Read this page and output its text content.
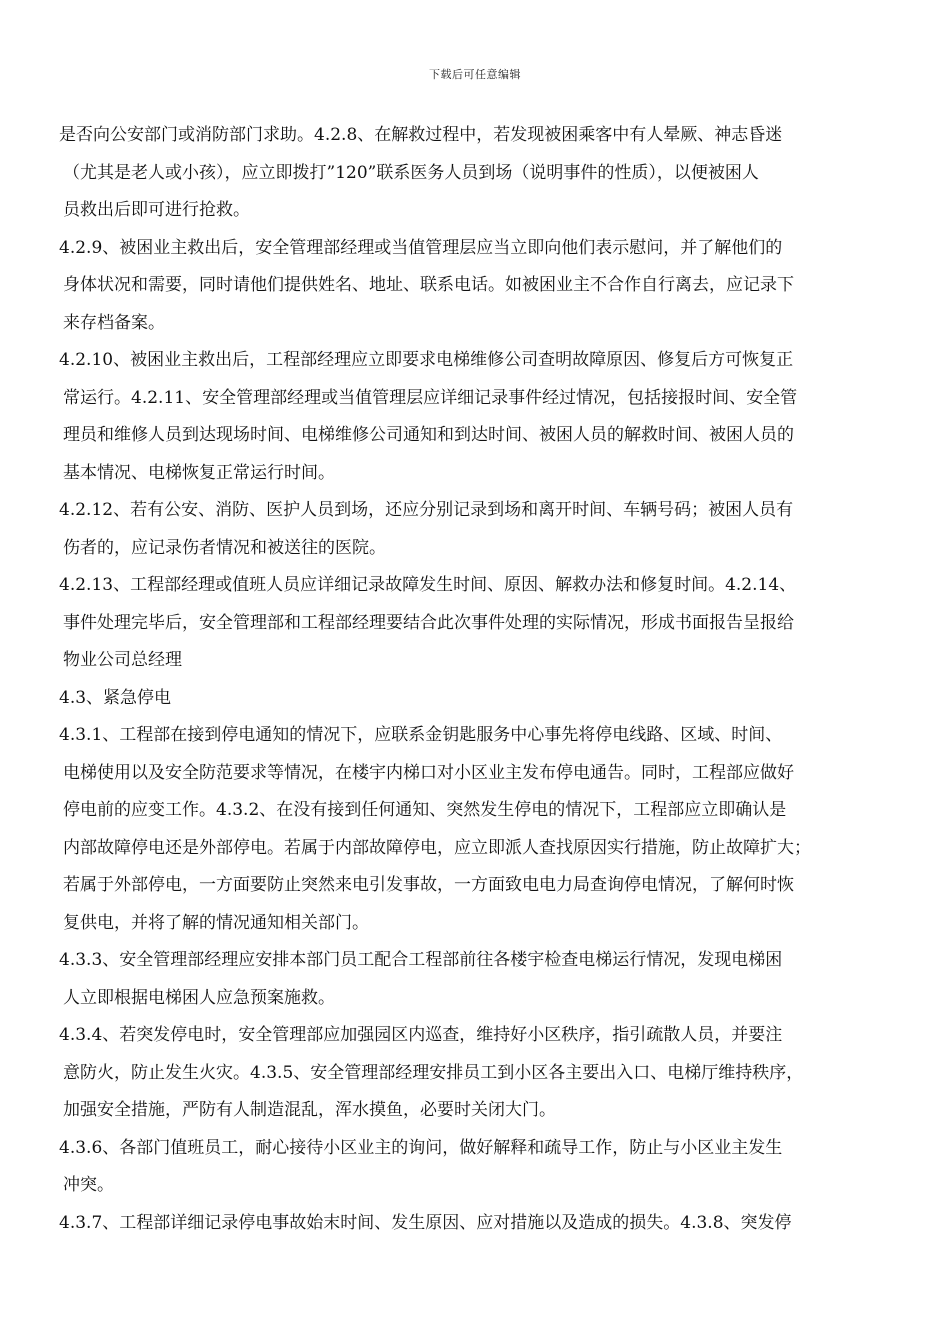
下载后可任意编辑
是否向公安部门或消防部门求助。4.2.8、在解救过程中，若发现被困乘客中有人晕厥、神志昏迷
（尤其是老人或小孩），应立即拨打”120”联系医务人员到场（说明事件的性质），以便被困人
员救出后即可进行抢救。
4.2.9、被困业主救出后，安全管理部经理或当值管理层应当立即向他们表示慰问，并了解他们的
身体状况和需要，同时请他们提供姓名、地址、联系电话。如被困业主不合作自行离去，应记录下
来存档备案。
4.2.10、被困业主救出后，工程部经理应立即要求电梯维修公司查明故障原因、修复后方可恢复正
常运行。4.2.11、安全管理部经理或当值管理层应详细记录事件经过情况，包括接报时间、安全管
理员和维修人员到达现场时间、电梯维修公司通知和到达时间、被困人员的解救时间、被困人员的
基本情况、电梯恢复正常运行时间。
4.2.12、若有公安、消防、医护人员到场，还应分别记录到场和离开时间、车辆号码；被困人员有
伤者的，应记录伤者情况和被送往的医院。
4.2.13、工程部经理或值班人员应详细记录故障发生时间、原因、解救办法和修复时间。4.2.14、
事件处理完毕后，安全管理部和工程部经理要结合此次事件处理的实际情况，形成书面报告呈报给
物业公司总经理
4.3、紧急停电
4.3.1、工程部在接到停电通知的情况下，应联系金钥匙服务中心事先将停电线路、区域、时间、
电梯使用以及安全防范要求等情况，在楼宇内梯口对小区业主发布停电通告。同时，工程部应做好
停电前的应变工作。4.3.2、在没有接到任何通知、突然发生停电的情况下，工程部应立即确认是
内部故障停电还是外部停电。若属于内部故障停电，应立即派人查找原因实行措施，防止故障扩大；
若属于外部停电，一方面要防止突然来电引发事故，一方面致电电力局查询停电情况，了解何时恢
复供电，并将了解的情况通知相关部门。
4.3.3、安全管理部经理应安排本部门员工配合工程部前往各楼宇检查电梯运行情况，发现电梯困
人立即根据电梯困人应急预案施救。
4.3.4、若突发停电时，安全管理部应加强园区内巡查，维持好小区秩序，指引疏散人员，并要注
意防火，防止发生火灾。4.3.5、安全管理部经理安排员工到小区各主要出入口、电梯厅维持秩序，
加强安全措施，严防有人制造混乱，浑水摸鱼，必要时关闭大门。
4.3.6、各部门值班员工，耐心接待小区业主的询问，做好解释和疏导工作，防止与小区业主发生
冲突。
4.3.7、工程部详细记录停电事故始末时间、发生原因、应对措施以及造成的损失。4.3.8、突发停
